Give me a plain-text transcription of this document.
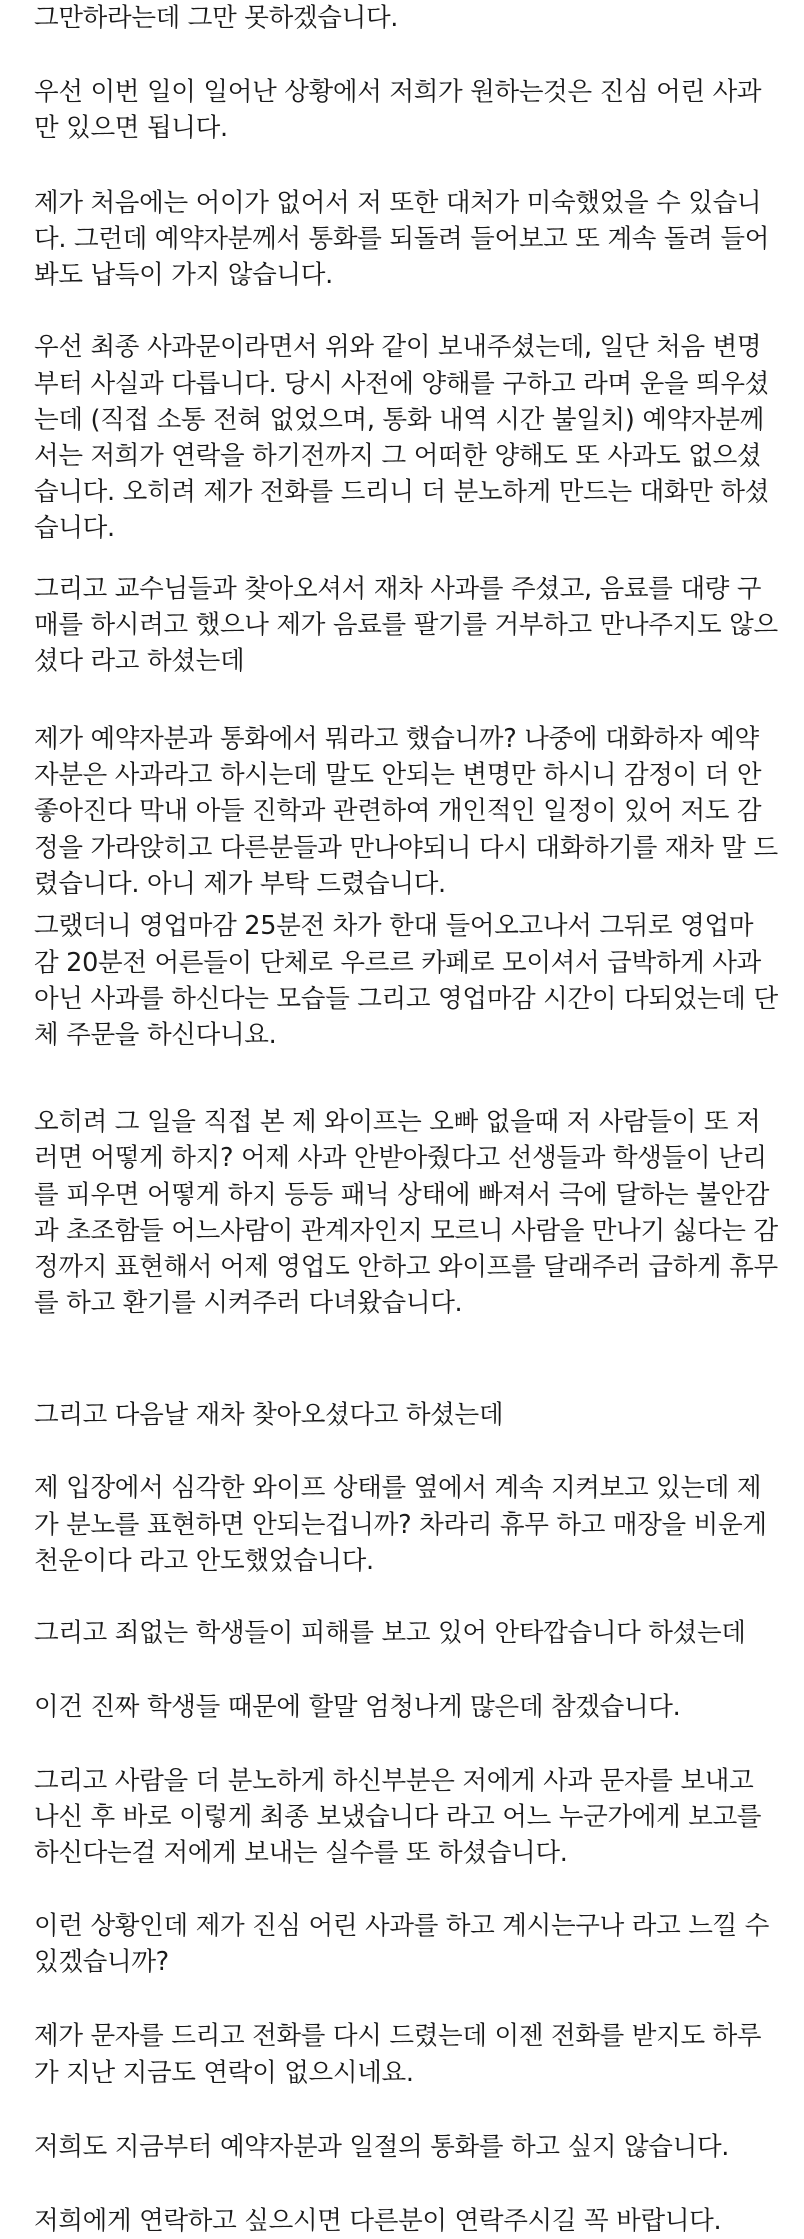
그만하라는데 그만 못하겠습니다.

우선 이번 일이 일어난 상황에서 저희가 원하는것은 진심 어린 사과
만 있으면 됩니다.

제가 처음에는 어이가 없어서 저 또한 대처가 미숙했었을 수 있습니
다. 그런데 예약자분께서 통화를 되돌려 들어보고 또 계속 돌려 들어
봐도 납득이 가지 않습니다.

우선 최종 사과문이라면서 위와 같이 보내주셨는데, 일단 처음 변명
부터 사실과 다릅니다. 당시 사전에 양해를 구하고 라며 운을 띄우셨
는데 (직접 소통 전혀 없었으며, 통화 내역 시간 불일치) 예약자분께
서는 저희가 연락을 하기전까지 그 어떠한 양해도 또 사과도 없으셨
습니다. 오히려 제가 전화를 드리니 더 분노하게 만드는 대화만 하셨
습니다.

그리고 교수님들과 찾아오셔서 재차 사과를 주셨고, 음료를 대량 구
매를 하시려고 했으나 제가 음료를 팔기를 거부하고 만나주지도 않으
셨다 라고 하셨는데

제가 예약자분과 통화에서 뭐라고 했습니까? 나중에 대화하자 예약
자분은 사과라고 하시는데 말도 안되는 변명만 하시니 감정이 더 안
좋아진다 막내 아들 진학과 관련하여 개인적인 일정이 있어 저도 감
정을 가라앉히고 다른분들과 만나야되니 다시 대화하기를 재차 말 드
렸습니다. 아니 제가 부탁 드렸습니다.

그랬더니 영업마감 25분전 차가 한대 들어오고나서 그뒤로 영업마
감 20분전 어른들이 단체로 우르르 카페로 모이셔서 급박하게 사과
아닌 사과를 하신다는 모습들 그리고 영업마감 시간이 다되었는데 단
체 주문을 하신다니요.

오히려 그 일을 직접 본 제 와이프는 오빠 없을때 저 사람들이 또 저
러면 어떻게 하지? 어제 사과 안받아줬다고 선생들과 학생들이 난리
를 피우면 어떻게 하지 등등 패닉 상태에 빠져서 극에 달하는 불안감
과 초조함들 어느사람이 관계자인지 모르니 사람을 만나기 싫다는 감
정까지 표현해서 어제 영업도 안하고 와이프를 달래주러 급하게 휴무
를 하고 환기를 시켜주러 다녀왔습니다.

그리고 다음날 재차 찾아오셨다고 하셨는데

제 입장에서 심각한 와이프 상태를 옆에서 계속 지켜보고 있는데 제
가 분노를 표현하면 안되는겁니까? 차라리 휴무 하고 매장을 비운게
천운이다 라고 안도했었습니다.

그리고 죄없는 학생들이 피해를 보고 있어 안타깝습니다 하셨는데

이건 진짜 학생들 때문에 할말 엄청나게 많은데 참겠습니다.

그리고 사람을 더 분노하게 하신부분은 저에게 사과 문자를 보내고
나신 후 바로 이렇게 최종 보냈습니다 라고 어느 누군가에게 보고를
하신다는걸 저에게 보내는 실수를 또 하셨습니다.

이런 상황인데 제가 진심 어린 사과를 하고 계시는구나 라고 느낄 수
있겠습니까?

제가 문자를 드리고 전화를 다시 드렸는데 이젠 전화를 받지도 하루
가 지난 지금도 연락이 없으시네요.

저희도 지금부터 예약자분과 일절의 통화를 하고 싶지 않습니다.

저희에게 연락하고 싶으시면 다른분이 연락주시길 꼭 바랍니다.
